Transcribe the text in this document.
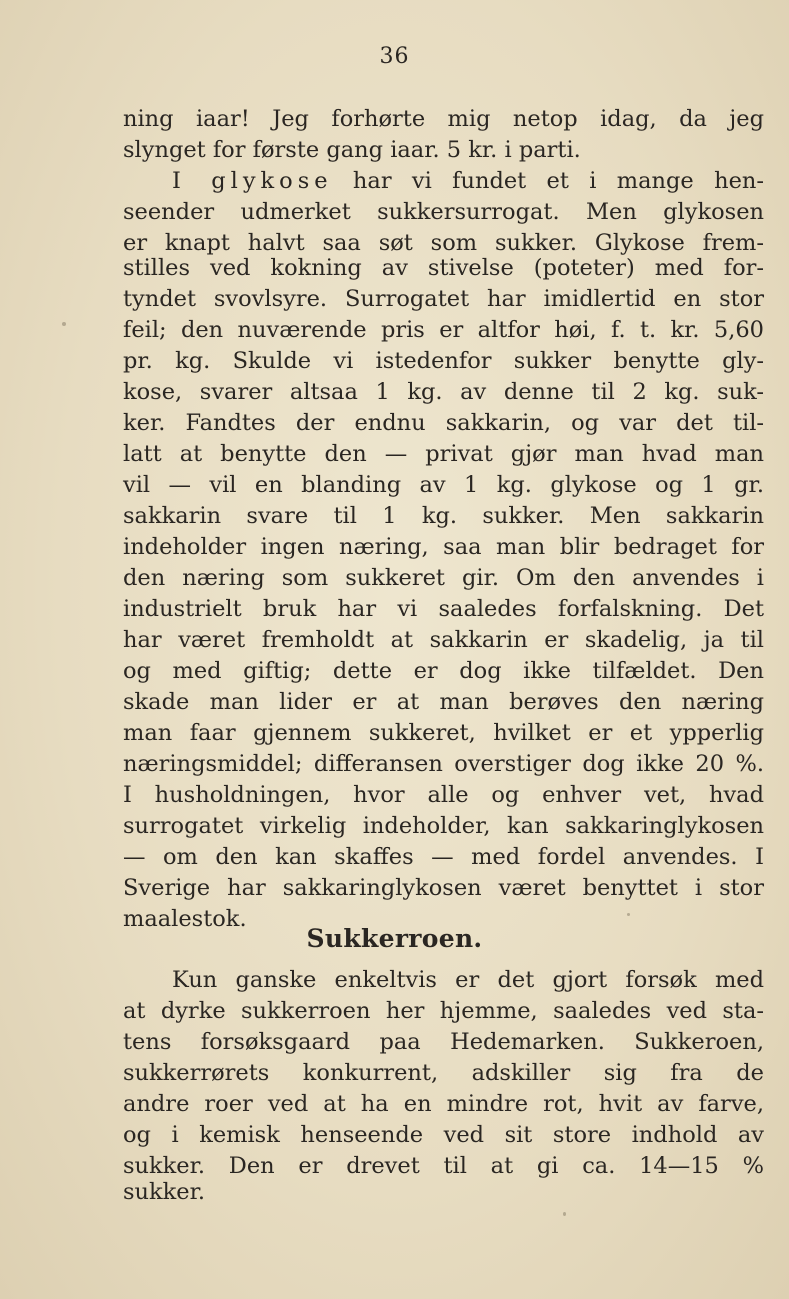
36
ning iaar! Jeg forhørte mig netop idag, da jeg
slynget for første gang iaar. 5 kr. i parti.
I glykose har vi fundet et i mange hen-
seender udmerket sukkersurrogat. Men glykosen
er knapt halvt saa søt som sukker. Glykose frem-
stilles ved kokning av stivelse (poteter) med for-
tyndet svovlsyre. Surrogatet har imidlertid en stor
feil; den nuværende pris er altfor høi, f. t. kr. 5,60
pr. kg. Skulde vi istedenfor sukker benytte gly-
kose, svarer altsaa 1 kg. av denne til 2 kg. suk-
ker. Fandtes der endnu sakkarin, og var det til-
latt at benytte den — privat gjør man hvad man
vil — vil en blanding av 1 kg. glykose og 1 gr.
sakkarin svare til 1 kg. sukker. Men sakkarin
indeholder ingen næring, saa man blir bedraget for
den næring som sukkeret gir. Om den anvendes i
industrielt bruk har vi saaledes forfalskning. Det
har været fremholdt at sakkarin er skadelig, ja til
og med giftig; dette er dog ikke tilfældet. Den
skade man lider er at man berøves den næring
man faar gjennem sukkeret, hvilket er et ypperlig
næringsmiddel; differansen overstiger dog ikke 20 %.
I husholdningen, hvor alle og enhver vet, hvad
surrogatet virkelig indeholder, kan sakkaringlykosen
— om den kan skaffes — med fordel anvendes. I
Sverige har sakkaringlykosen været benyttet i stor
maalestok.
Sukkerroen.
Kun ganske enkeltvis er det gjort forsøk med
at dyrke sukkerroen her hjemme, saaledes ved sta-
tens forsøksgaard paa Hedemarken. Sukkeroen,
sukkerrørets konkurrent, adskiller sig fra de
andre roer ved at ha en mindre rot, hvit av farve,
og i kemisk henseende ved sit store indhold av
sukker. Den er drevet til at gi ca. 14—15 %
sukker.
